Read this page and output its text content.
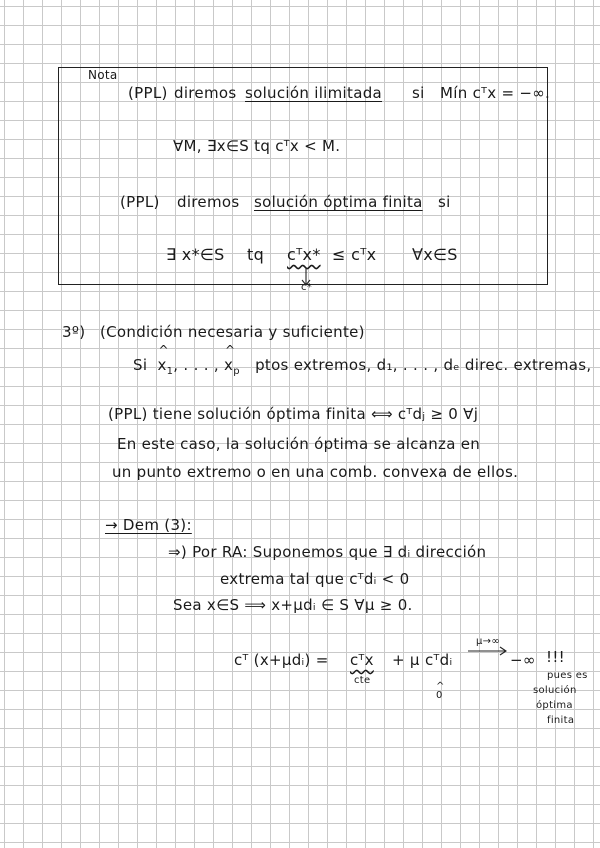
Nota
(PPL) diremos solución ilimitada si Mín cᵀx = −∞.
∀M, ∃x∈S tq cᵀx < M.
(PPL) diremos solución óptima finita si
∃ x*∈S tq cᵀx* ≤ cᵀx ∀x∈S
c*
3º) (Condición necesaria y suficiente)
Si ^ $x_1$, . . . , ^ $x_p$ ptos extremos, d₁, . . . , dₑ direc. extremas,
(PPL) tiene solución óptima finita ⟺ cᵀdⱼ ≥ 0 ∀j
En este caso, la solución óptima se alcanza en
un punto extremo o en una comb. convexa de ellos.
→ Dem (3):
⇒) Por RA: Suponemos que ∃ dᵢ dirección
extrema tal que cᵀdᵢ < 0
Sea x∈S ⟹ x+μdᵢ ∈ S ∀μ ≥ 0.
cᵀ (x+μdᵢ) = cᵀx + μ cᵀdᵢ
cte
^
0
μ→∞
−∞ !!!
pues es
solución
óptima
finita
